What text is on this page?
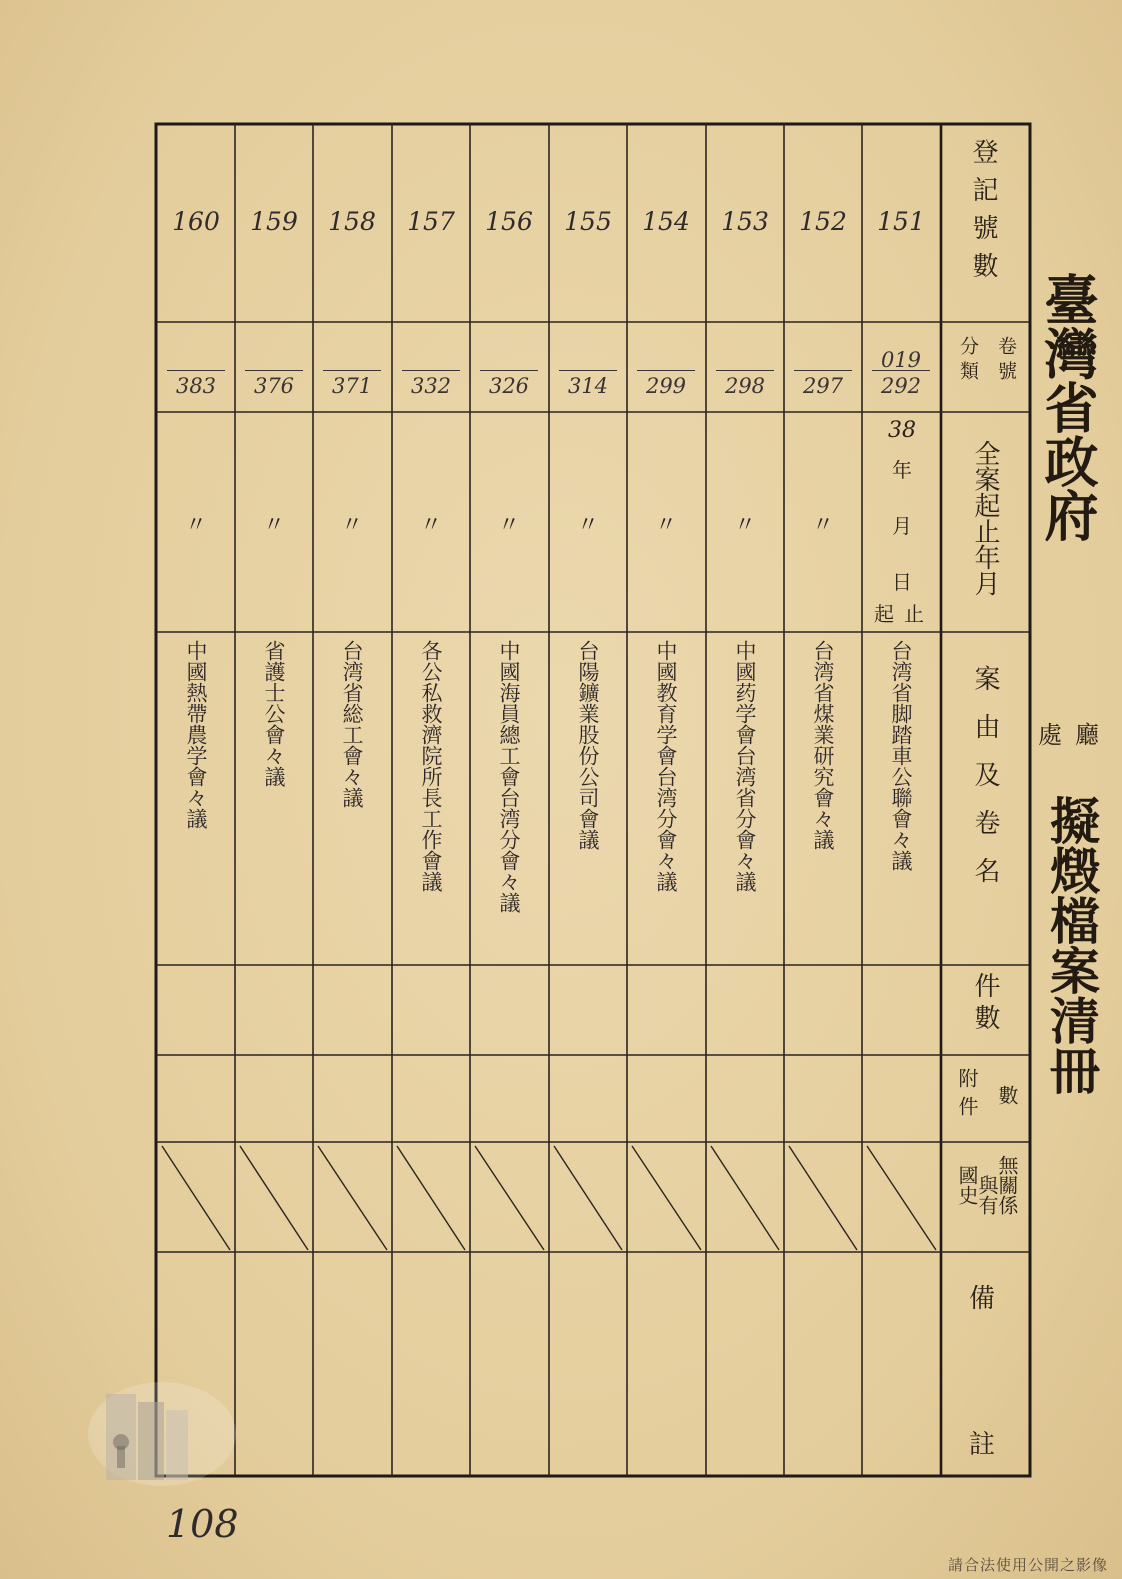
臺灣省政府
廳
處
擬燬檔案清冊
登記號數
卷號
分類
全案起止年月
案由及卷名
件數
數
附件
無關係
與有
國史
備
註
38
年
月
日
起 止
151
019
292
台湾省脚踏車公聯會々議
152
297
〃
台湾省煤業研究會々議
153
298
〃
中國药学會台湾省分會々議
154
299
〃
中國教育学會台湾分會々議
155
314
〃
台陽鑛業股份公司會議
156
326
〃
中國海員總工會台湾分會々議
157
332
〃
各公私救濟院所長工作會議
158
371
〃
台湾省総工會々議
159
376
〃
省護士公會々議
160
383
〃
中國熱帶農学會々議
108
請合法使用公開之影像
